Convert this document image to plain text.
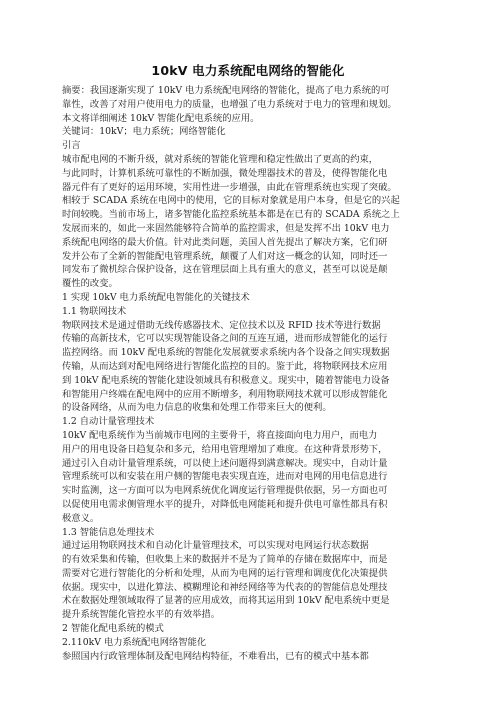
10kV 电力系统配电网络的智能化
摘要：我国逐渐实现了 10kV 电力系统配电网络的智能化，提高了电力系统的可
靠性，改善了对用户使用电力的质量，也增强了电力系统对于电力的管理和规划。
本文将详细阐述 10kV 智能化配电系统的应用。
关键词：10kV；电力系统；网络智能化
引言
城市配电网的不断升级，就对系统的智能化管理和稳定性做出了更高的约束，
与此同时，计算机系统可靠性的不断加强，微处理器技术的普及，使得智能化电
器元件有了更好的运用环境，实用性进一步增强，由此在管理系统也实现了突破。
相较于 SCADA 系统在电网中的使用，它的目标对象就是用户本身，但是它的兴起
时间较晚。当前市场上，诸多智能化监控系统基本都是在已有的 SCADA 系统之上
发展而来的，如此一来固然能够符合简单的监控需求，但是发挥不出 10kV 电力
系统配电网络的最大价值。针对此类问题，美国人首先提出了解决方案，它们研
发并公布了全新的智能配电管理系统，颠覆了人们对这一概念的认知，同时还一
同发布了微机综合保护设备，这在管理层面上具有重大的意义，甚至可以说是颠
覆性的改变。
1 实现 10kV 电力系统配电智能化的关键技术
1.1 物联网技术
物联网技术是通过借助无线传感器技术、定位技术以及 RFID 技术等进行数据
传输的高新技术，它可以实现智能设备之间的互连互通，进而形成智能化的运行
监控网络。而 10kV 配电系统的智能化发展就要求系统内各个设备之间实现数据
传输，从而达到对配电网络进行智能化监控的目的。鉴于此，将物联网技术应用
到 10kV 配电系统的智能化建设领域具有积极意义。现实中，随着智能电力设备
和智能用户终端在配电网中的应用不断增多，利用物联网技术就可以形成智能化
的设备网络，从而为电力信息的收集和处理工作带来巨大的便利。
1.2 自动计量管理技术
10kV 配电系统作为当前城市电网的主要骨干，将直接面向电力用户，而电力
用户的用电设备日趋复杂和多元，给用电管理增加了难度。在这种背景形势下，
通过引入自动计量管理系统，可以使上述问题得到满意解决。现实中，自动计量
管理系统可以和安装在用户侧的智能电表实现直连，进而对电网的用电信息进行
实时监测，这一方面可以为电网系统优化调度运行管理提供依据，另一方面也可
以促使用电需求侧管理水平的提升，对降低电网能耗和提升供电可靠性都具有积
极意义。
1.3 智能信息处理技术
通过运用物联网技术和自动化计量管理技术，可以实现对电网运行状态数据
的有效采集和传输，但收集上来的数据并不是为了简单的存储在数据库中，而是
需要对它进行智能化的分析和处理，从而为电网的运行管理和调度优化决策提供
依据。现实中，以进化算法、模糊理论和神经网络等为代表的的智能信息处理技
术在数据处理领域取得了显著的应用成效，而将其运用到 10kV 配电系统中更是
提升系统智能化管控水平的有效举措。
2 智能化配电系统的模式
2.110kV 电力系统配电网络智能化
参照国内行政管理体制及配电网结构特征，不难看出，已有的模式中基本都
